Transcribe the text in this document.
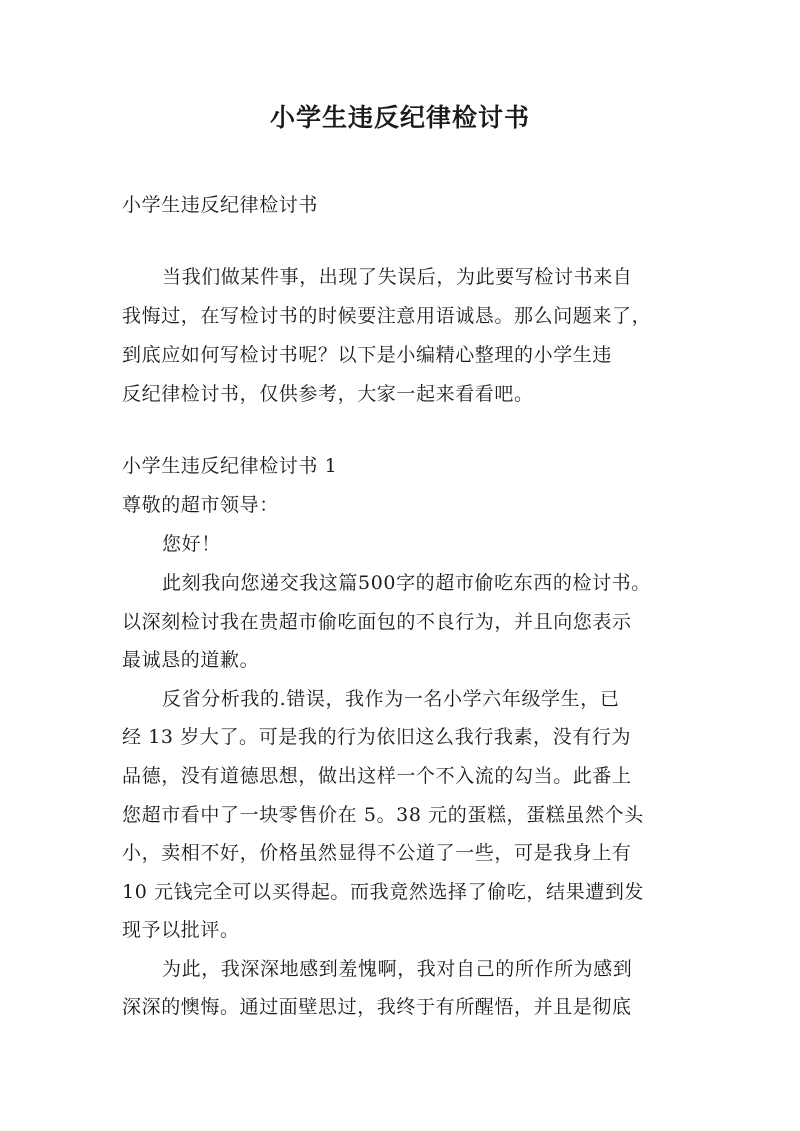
小学生违反纪律检讨书
小学生违反纪律检讨书
当我们做某件事，出现了失误后，为此要写检讨书来自
我悔过，在写检讨书的时候要注意用语诚恳。那么问题来了，
到底应如何写检讨书呢？以下是小编精心整理的小学生违
反纪律检讨书，仅供参考，大家一起来看看吧。
小学生违反纪律检讨书 1
尊敬的超市领导：
您好！
此刻我向您递交我这篇500字的超市偷吃东西的检讨书。
以深刻检讨我在贵超市偷吃面包的不良行为，并且向您表示
最诚恳的道歉。
反省分析我的.错误，我作为一名小学六年级学生，已
经 13 岁大了。可是我的行为依旧这么我行我素，没有行为
品德，没有道德思想，做出这样一个不入流的勾当。此番上
您超市看中了一块零售价在 5。38 元的蛋糕，蛋糕虽然个头
小，卖相不好，价格虽然显得不公道了一些，可是我身上有
10 元钱完全可以买得起。而我竟然选择了偷吃，结果遭到发
现予以批评。
为此，我深深地感到羞愧啊，我对自己的所作所为感到
深深的懊悔。通过面壁思过，我终于有所醒悟，并且是彻底
